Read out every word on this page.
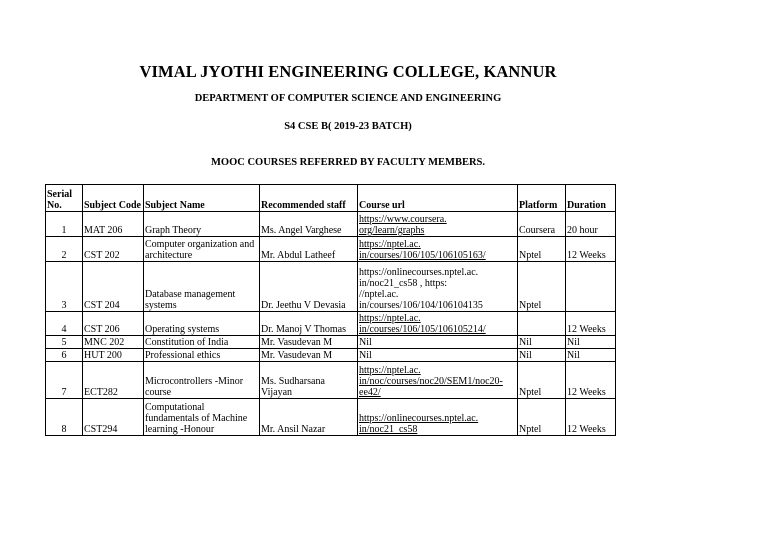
VIMAL JYOTHI ENGINEERING COLLEGE, KANNUR
DEPARTMENT OF COMPUTER SCIENCE AND ENGINEERING
S4 CSE B( 2019-23 BATCH)
MOOC COURSES REFERRED BY FACULTY MEMBERS.
Serial No.	Subject Code	Subject Name	Recommended staff	Course url	Platform	Duration
1	MAT 206	Graph Theory	Ms. Angel Varghese	https://www.coursera.
org/learn/graphs	Coursera	20 hour
2	CST 202	Computer organization and architecture	Mr. Abdul Latheef	https://nptel.ac.
in/courses/106/105/106105163/	Nptel	12 Weeks
3	CST 204	Database management systems	Dr. Jeethu V Devasia	https://onlinecourses.nptel.ac.
in/noc21_cs58 , https:
//nptel.ac.
in/courses/106/104/106104135	Nptel	
4	CST 206	Operating systems	Dr. Manoj V Thomas	https://nptel.ac.
in/courses/106/105/106105214/		12 Weeks
5	MNC 202	Constitution of India	Mr. Vasudevan M	Nil	Nil	Nil
6	HUT 200	Professional ethics	Mr. Vasudevan M	Nil	Nil	Nil
7	ECT282	Microcontrollers -Minor course	Ms. Sudharsana Vijayan	https://nptel.ac.
in/noc/courses/noc20/SEM1/noc20-
ee42/	Nptel	12 Weeks
8	CST294	Computational fundamentals of Machine learning -Honour	Mr. Ansil Nazar	https://onlinecourses.nptel.ac.
in/noc21_cs58	Nptel	12 Weeks
